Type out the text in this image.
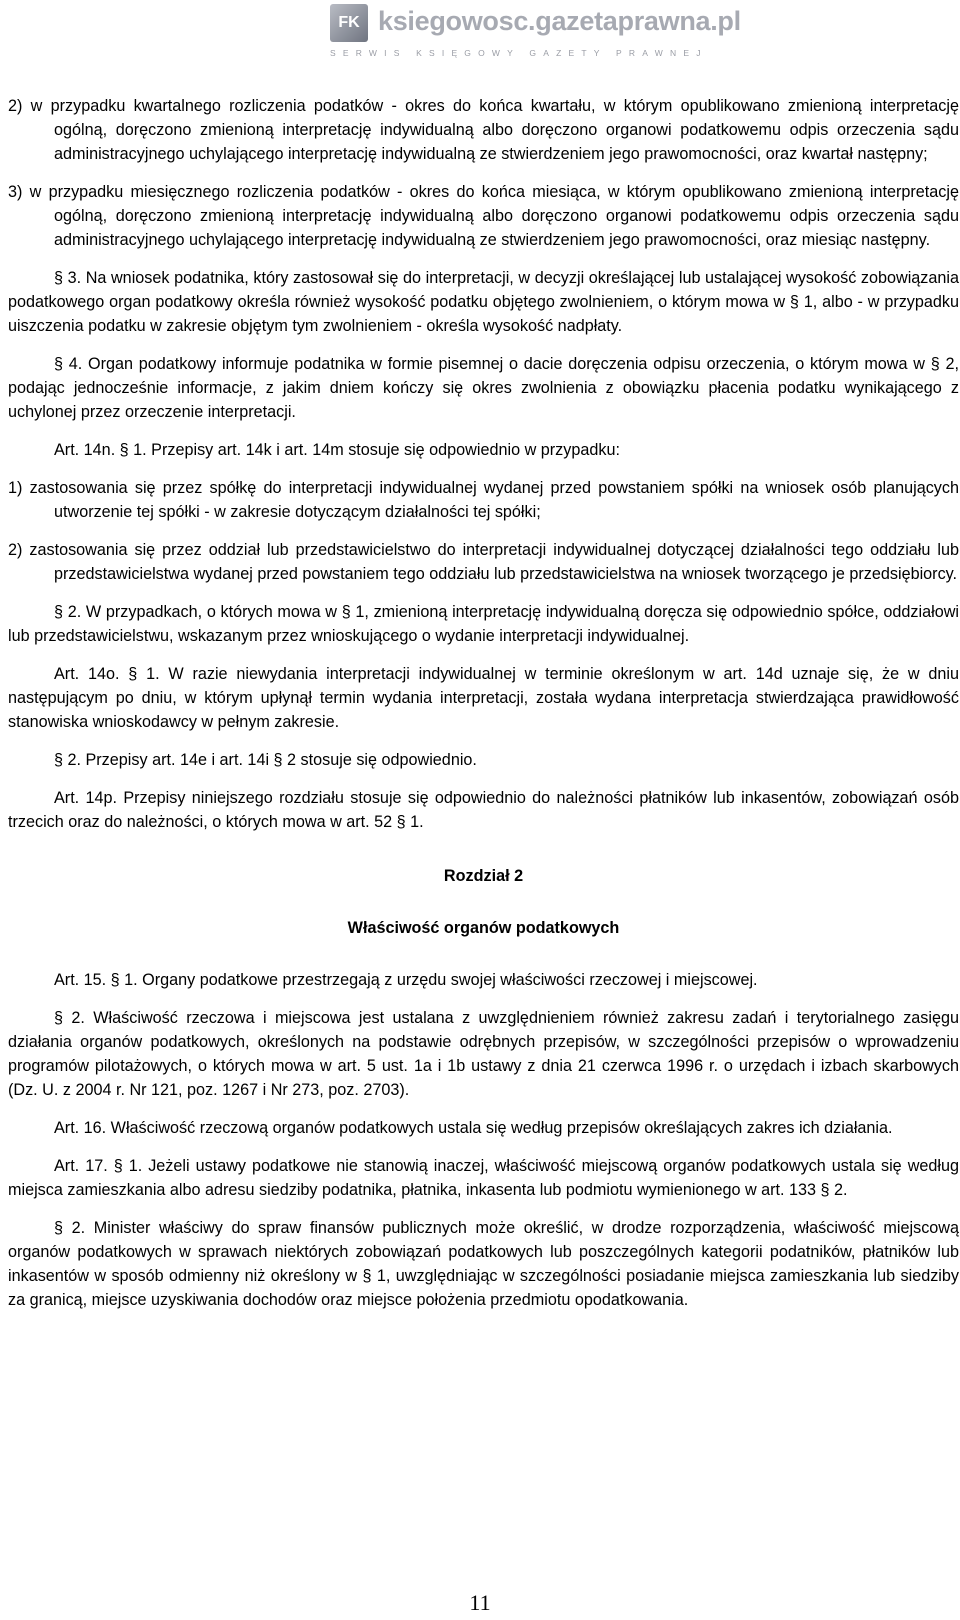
FK ksiegowosc.gazetaprawna.pl
SERWIS KSIĘGOWY GAZETY PRAWNEJ

2) w przypadku kwartalnego rozliczenia podatków - okres do końca kwartału, w którym opublikowano zmienioną interpretację ogólną, doręczono zmienioną interpretację indywidualną albo doręczono organowi podatkowemu odpis orzeczenia sądu administracyjnego uchylającego interpretację indywidualną ze stwierdzeniem jego prawomocności, oraz kwartał następny;

3) w przypadku miesięcznego rozliczenia podatków - okres do końca miesiąca, w którym opublikowano zmienioną interpretację ogólną, doręczono zmienioną interpretację indywidualną albo doręczono organowi podatkowemu odpis orzeczenia sądu administracyjnego uchylającego interpretację indywidualną ze stwierdzeniem jego prawomocności, oraz miesiąc następny.

§ 3. Na wniosek podatnika, który zastosował się do interpretacji, w decyzji określającej lub ustalającej wysokość zobowiązania podatkowego organ podatkowy określa również wysokość podatku objętego zwolnieniem, o którym mowa w § 1, albo - w przypadku uiszczenia podatku w zakresie objętym tym zwolnieniem - określa wysokość nadpłaty.

§ 4. Organ podatkowy informuje podatnika w formie pisemnej o dacie doręczenia odpisu orzeczenia, o którym mowa w § 2, podając jednocześnie informacje, z jakim dniem kończy się okres zwolnienia z obowiązku płacenia podatku wynikającego z uchylonej przez orzeczenie interpretacji.

Art. 14n. § 1. Przepisy art. 14k i art. 14m stosuje się odpowiednio w przypadku:

1) zastosowania się przez spółkę do interpretacji indywidualnej wydanej przed powstaniem spółki na wniosek osób planujących utworzenie tej spółki - w zakresie dotyczącym działalności tej spółki;

2) zastosowania się przez oddział lub przedstawicielstwo do interpretacji indywidualnej dotyczącej działalności tego oddziału lub przedstawicielstwa wydanej przed powstaniem tego oddziału lub przedstawicielstwa na wniosek tworzącego je przedsiębiorcy.

§ 2. W przypadkach, o których mowa w § 1, zmienioną interpretację indywidualną doręcza się odpowiednio spółce, oddziałowi lub przedstawicielstwu, wskazanym przez wnioskującego o wydanie interpretacji indywidualnej.

Art. 14o. § 1. W razie niewydania interpretacji indywidualnej w terminie określonym w art. 14d uznaje się, że w dniu następującym po dniu, w którym upłynął termin wydania interpretacji, została wydana interpretacja stwierdzająca prawidłowość stanowiska wnioskodawcy w pełnym zakresie.

§ 2. Przepisy art. 14e i art. 14i § 2 stosuje się odpowiednio.

Art. 14p. Przepisy niniejszego rozdziału stosuje się odpowiednio do należności płatników lub inkasentów, zobowiązań osób trzecich oraz do należności, o których mowa w art. 52 § 1.

Rozdział 2

Właściwość organów podatkowych

Art. 15. § 1. Organy podatkowe przestrzegają z urzędu swojej właściwości rzeczowej i miejscowej.

§ 2. Właściwość rzeczowa i miejscowa jest ustalana z uwzględnieniem również zakresu zadań i terytorialnego zasięgu działania organów podatkowych, określonych na podstawie odrębnych przepisów, w szczególności przepisów o wprowadzeniu programów pilotażowych, o których mowa w art. 5 ust. 1a i 1b ustawy z dnia 21 czerwca 1996 r. o urzędach i izbach skarbowych (Dz. U. z 2004 r. Nr 121, poz. 1267 i Nr 273, poz. 2703).

Art. 16. Właściwość rzeczową organów podatkowych ustala się według przepisów określających zakres ich działania.

Art. 17. § 1. Jeżeli ustawy podatkowe nie stanowią inaczej, właściwość miejscową organów podatkowych ustala się według miejsca zamieszkania albo adresu siedziby podatnika, płatnika, inkasenta lub podmiotu wymienionego w art. 133 § 2.

§ 2. Minister właściwy do spraw finansów publicznych może określić, w drodze rozporządzenia, właściwość miejscową organów podatkowych w sprawach niektórych zobowiązań podatkowych lub poszczególnych kategorii podatników, płatników lub inkasentów w sposób odmienny niż określony w § 1, uwzględniając w szczególności posiadanie miejsca zamieszkania lub siedziby za granicą, miejsce uzyskiwania dochodów oraz miejsce położenia przedmiotu opodatkowania.

11
